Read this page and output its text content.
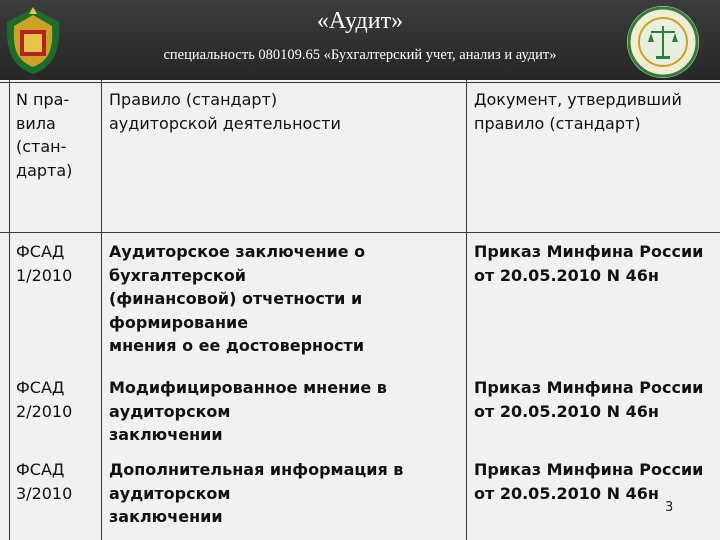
«Аудит»
специальность 080109.65 «Бухгалтерский учет, анализ и аудит»
N пра-
вила
(стан-
дарта)
Правило (стандарт)
аудиторской деятельности
Документ, утвердивший
правило (стандарт)
ФСАД
1/2010
Аудиторское заключение о
бухгалтерской
(финансовой) отчетности и
формирование
мнения о ее достоверности
Приказ Минфина России
от 20.05.2010 N 46н
ФСАД
2/2010
Модифицированное мнение в
аудиторском
заключении
Приказ Минфина России
от 20.05.2010 N 46н
ФСАД
3/2010
Дополнительная информация в
аудиторском
заключении
Приказ Минфина России
от 20.05.2010 N 46н
3
